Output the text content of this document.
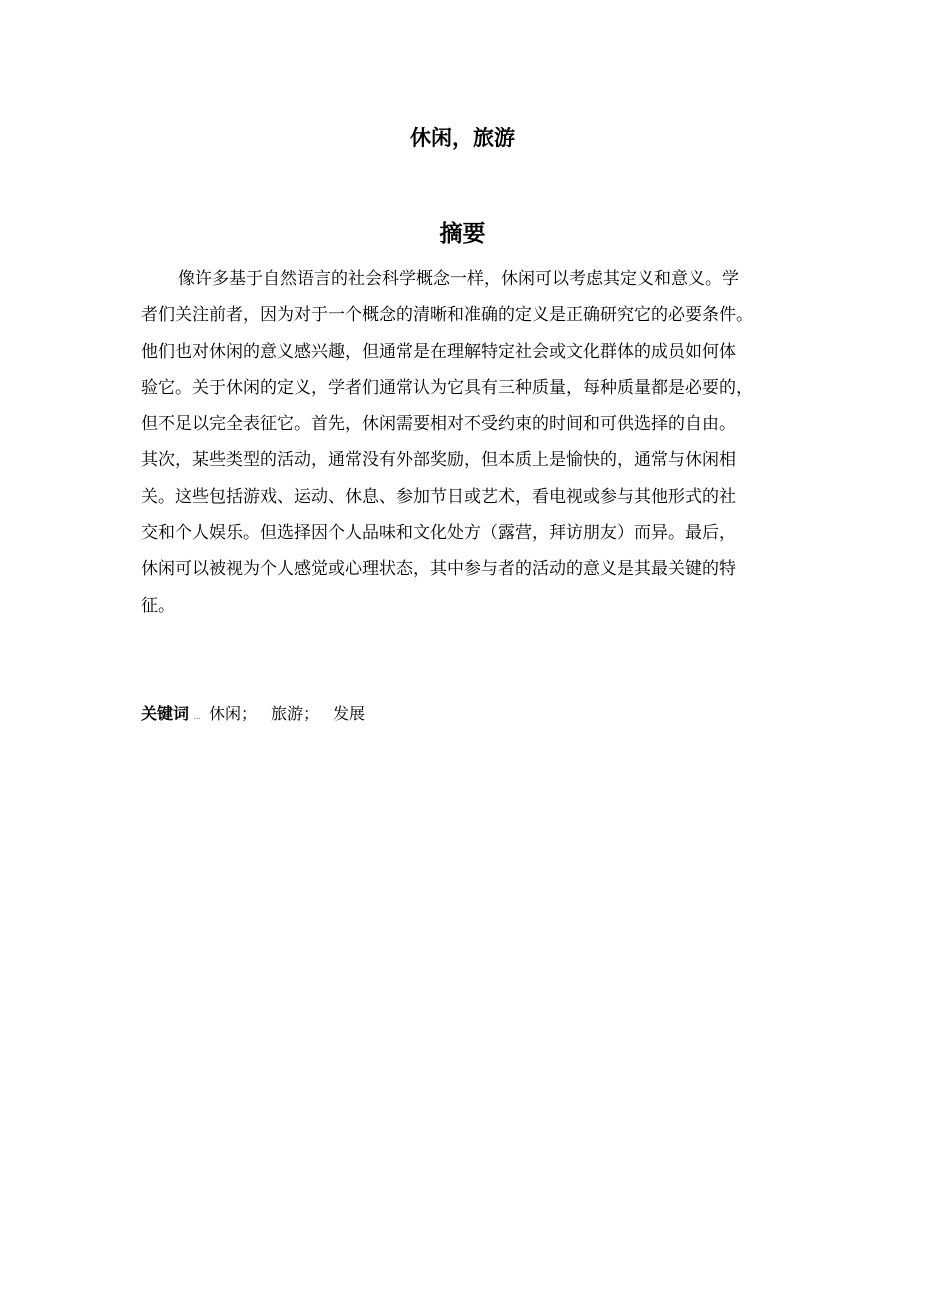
休闲，旅游
摘要
像许多基于自然语言的社会科学概念一样，休闲可以考虑其定义和意义。学
者们关注前者，因为对于一个概念的清晰和准确的定义是正确研究它的必要条件。
他们也对休闲的意义感兴趣，但通常是在理解特定社会或文化群体的成员如何体
验它。关于休闲的定义，学者们通常认为它具有三种质量，每种质量都是必要的，
但不足以完全表征它。首先，休闲需要相对不受约束的时间和可供选择的自由。
其次，某些类型的活动，通常没有外部奖励，但本质上是愉快的，通常与休闲相
关。这些包括游戏、运动、休息、参加节日或艺术，看电视或参与其他形式的社
交和个人娱乐。但选择因个人品味和文化处方（露营，拜访朋友）而异。最后，
休闲可以被视为个人感觉或心理状态，其中参与者的活动的意义是其最关键的特
征。
关键词 休闲； 旅游； 发展
